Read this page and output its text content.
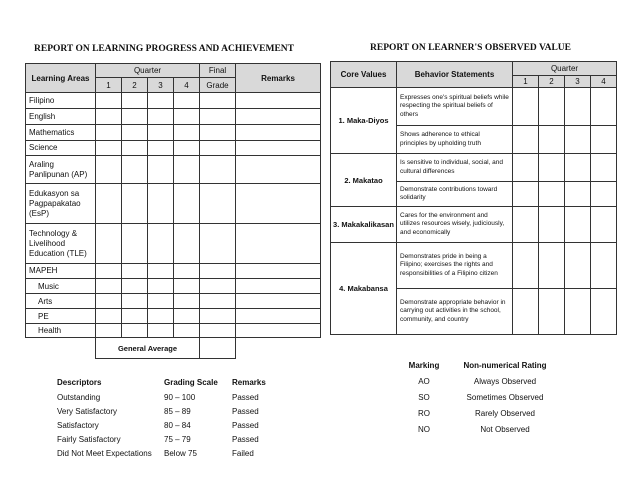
REPORT ON LEARNING PROGRESS AND ACHIEVEMENT
Learning Areas	Quarter				Final	Remarks
	1	2	3	4	Grade	
Filipino						
English						
Mathematics						
Science						
Araling Panlipunan (AP)						
Edukasyon sa Pagpapakatao (EsP)						
Technology & Livelihood Education (TLE)						
MAPEH						
Music						
Arts						
PE						
Health						
	General Average					
REPORT ON LEARNER'S OBSERVED VALUE
Core Values	Behavior Statements	Quarter			
		1	2	3	4
1. Maka-Diyos	Expresses one's spiritual beliefs while respecting the spiritual beliefs of others				
	Shows adherence to ethical principles by upholding truth				
2. Makatao	Is sensitive to individual, social, and cultural differences				
	Demonstrate contributions toward solidarity				
3. Makakalikasan	Cares for the environment and utilizes resources wisely, judiciously, and economically				
4. Makabansa	Demonstrates pride in being a Filipino; exercises the rights and responsibilities of a Filipino citizen				
	Demonstrate appropriate behavior in carrying out activities in the school, community, and country				
Descriptors	Grading Scale Remarks
Outstanding	90 – 100	Passed
Very Satisfactory	85 – 89	Passed
Satisfactory	80 – 84	Passed
Fairly Satisfactory	75 – 79	Passed
Did Not Meet Expectations Below 75	Failed
Marking	Non-numerical Rating
AO	Always Observed
SO	Sometimes Observed
RO	Rarely Observed
NO	Not Observed
